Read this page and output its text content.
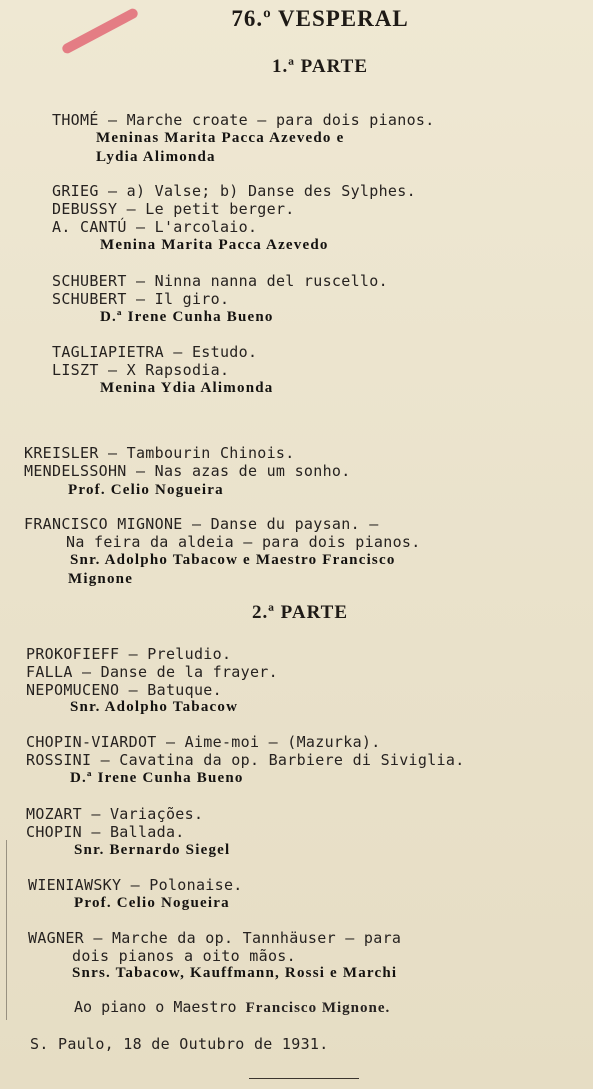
76.º VESPERAL
1.ª PARTE
THOMÉ — Marche croate — para dois pianos.
Meninas Marita Pacca Azevedo e
Lydia Alimonda
GRIEG — a) Valse; b) Danse des Sylphes.
DEBUSSY — Le petit berger.
A. CANTÚ — L'arcolaio.
Menina Marita Pacca Azevedo
SCHUBERT — Ninna nanna del ruscello.
SCHUBERT — Il giro.
D.ª Irene Cunha Bueno
TAGLIAPIETRA — Estudo.
LISZT — X Rapsodia.
Menina Ydia Alimonda
KREISLER — Tambourin Chinois.
MENDELSSOHN — Nas azas de um sonho.
Prof. Celio Nogueira
FRANCISCO MIGNONE — Danse du paysan. —
Na feira da aldeia — para dois pianos.
Snr. Adolpho Tabacow e Maestro Francisco
Mignone
2.ª PARTE
PROKOFIEFF — Preludio.
FALLA — Danse de la frayer.
NEPOMUCENO — Batuque.
Snr. Adolpho Tabacow
CHOPIN-VIARDOT — Aime-moi — (Mazurka).
ROSSINI — Cavatina da op. Barbiere di Siviglia.
D.ª Irene Cunha Bueno
MOZART — Variações.
CHOPIN — Ballada.
Snr. Bernardo Siegel
WIENIAWSKY — Polonaise.
Prof. Celio Nogueira
WAGNER — Marche da op. Tannhäuser — para
dois pianos a oito mãos.
Snrs. Tabacow, Kauffmann, Rossi e Marchi
Ao piano o Maestro Francisco Mignone.
S. Paulo, 18 de Outubro de 1931.
